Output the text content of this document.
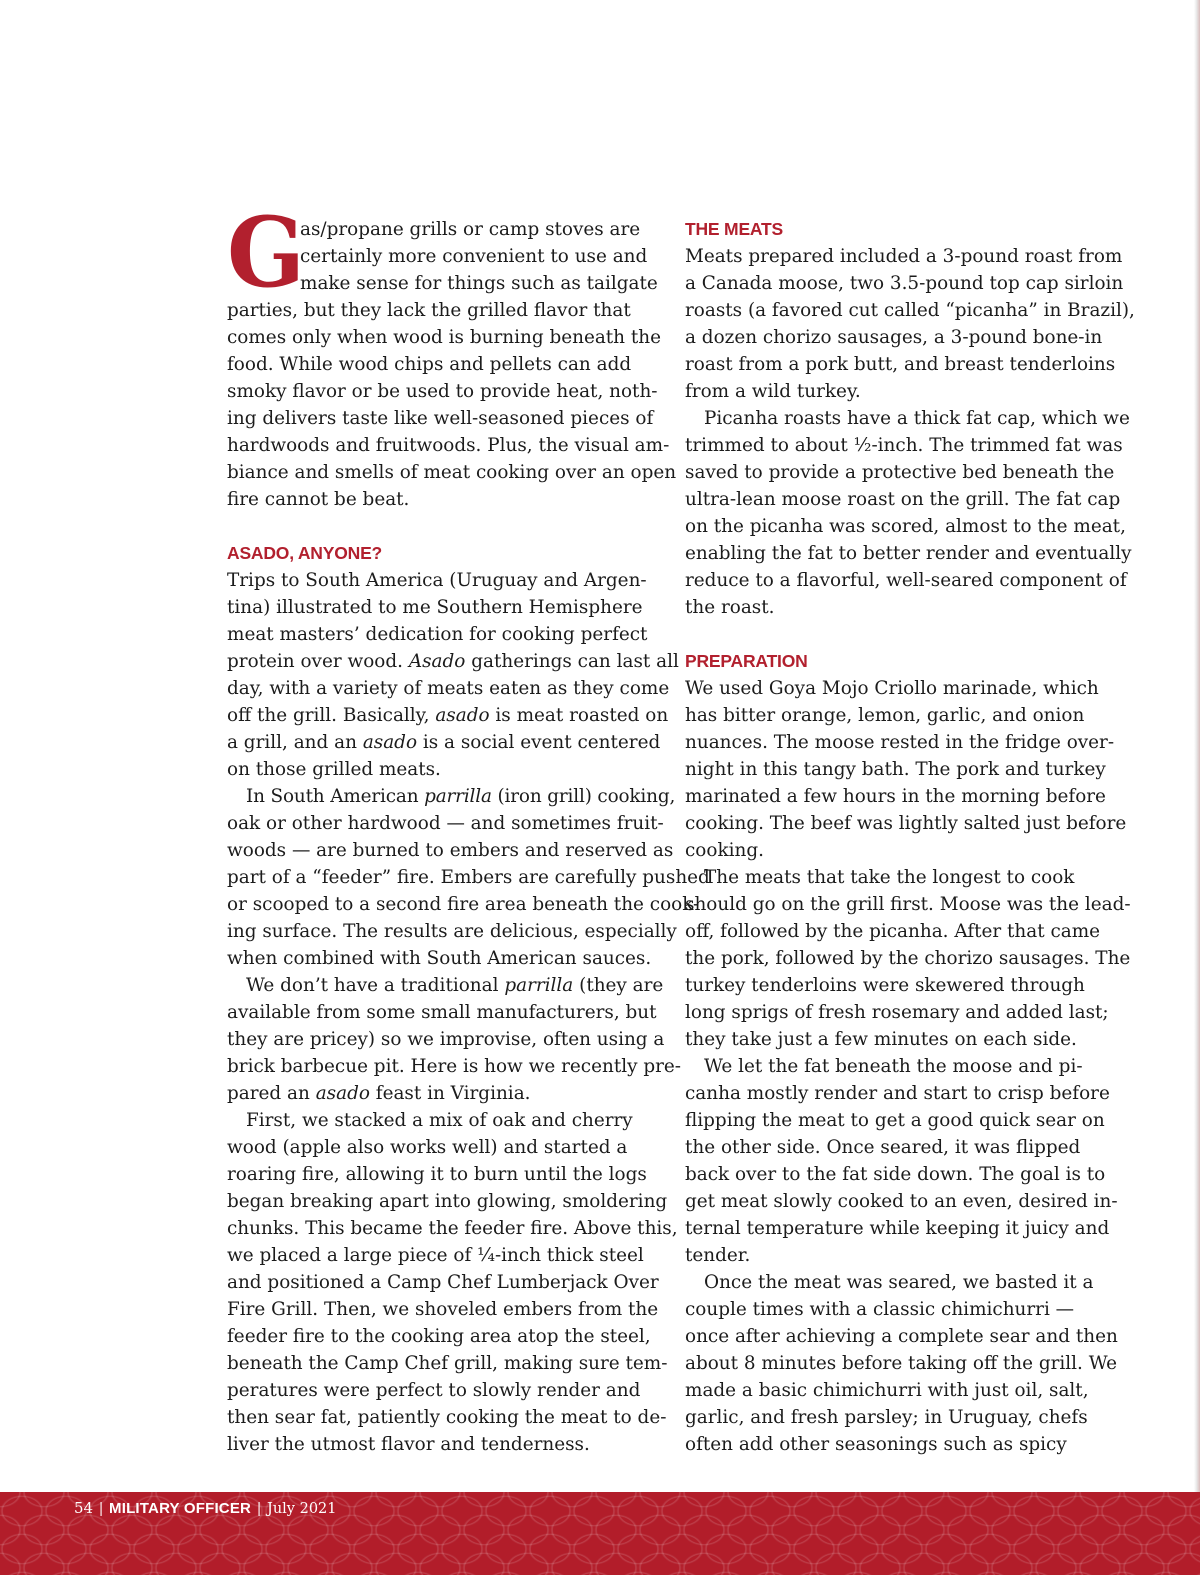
G
as/propane grills or camp stoves are
certainly more convenient to use and
make sense for things such as tailgate
parties, but they lack the grilled flavor that
comes only when wood is burning beneath the
food. While wood chips and pellets can add
smoky flavor or be used to provide heat, noth-
ing delivers taste like well-seasoned pieces of
hardwoods and fruitwoods. Plus, the visual am-
biance and smells of meat cooking over an open
fire cannot be beat.
ASADO, ANYONE?
Trips to South America (Uruguay and Argen-
tina) illustrated to me Southern Hemisphere
meat masters’ dedication for cooking perfect
protein over wood. Asado gatherings can last all
day, with a variety of meats eaten as they come
off the grill. Basically, asado is meat roasted on
a grill, and an asado is a social event centered
on those grilled meats.
In South American parrilla (iron grill) cooking,
oak or other hardwood — and sometimes fruit-
woods — are burned to embers and reserved as
part of a “feeder” fire. Embers are carefully pushed
or scooped to a second fire area beneath the cook-
ing surface. The results are delicious, especially
when combined with South American sauces.
We don’t have a traditional parrilla (they are
available from some small manufacturers, but
they are pricey) so we improvise, often using a
brick barbecue pit. Here is how we recently pre-
pared an asado feast in Virginia.
First, we stacked a mix of oak and cherry
wood (apple also works well) and started a
roaring fire, allowing it to burn until the logs
began breaking apart into glowing, smoldering
chunks. This became the feeder fire. Above this,
we placed a large piece of ¼-inch thick steel
and positioned a Camp Chef Lumberjack Over
Fire Grill. Then, we shoveled embers from the
feeder fire to the cooking area atop the steel,
beneath the Camp Chef grill, making sure tem-
peratures were perfect to slowly render and
then sear fat, patiently cooking the meat to de-
liver the utmost flavor and tenderness.
THE MEATS
Meats prepared included a 3-pound roast from
a Canada moose, two 3.5-pound top cap sirloin
roasts (a favored cut called “picanha” in Brazil),
a dozen chorizo sausages, a 3-pound bone-in
roast from a pork butt, and breast tenderloins
from a wild turkey.
Picanha roasts have a thick fat cap, which we
trimmed to about ½-inch. The trimmed fat was
saved to provide a protective bed beneath the
ultra-lean moose roast on the grill. The fat cap
on the picanha was scored, almost to the meat,
enabling the fat to better render and eventually
reduce to a flavorful, well-seared component of
the roast.
PREPARATION
We used Goya Mojo Criollo marinade, which
has bitter orange, lemon, garlic, and onion
nuances. The moose rested in the fridge over-
night in this tangy bath. The pork and turkey
marinated a few hours in the morning before
cooking. The beef was lightly salted just before
cooking.
The meats that take the longest to cook
should go on the grill first. Moose was the lead-
off, followed by the picanha. After that came
the pork, followed by the chorizo sausages. The
turkey tenderloins were skewered through
long sprigs of fresh rosemary and added last;
they take just a few minutes on each side.
We let the fat beneath the moose and pi-
canha mostly render and start to crisp before
flipping the meat to get a good quick sear on
the other side. Once seared, it was flipped
back over to the fat side down. The goal is to
get meat slowly cooked to an even, desired in-
ternal temperature while keeping it juicy and
tender.
Once the meat was seared, we basted it a
couple times with a classic chimichurri —
once after achieving a complete sear and then
about 8 minutes before taking off the grill. We
made a basic chimichurri with just oil, salt,
garlic, and fresh parsley; in Uruguay, chefs
often add other seasonings such as spicy
54 | MILITARY OFFICER | July 2021
